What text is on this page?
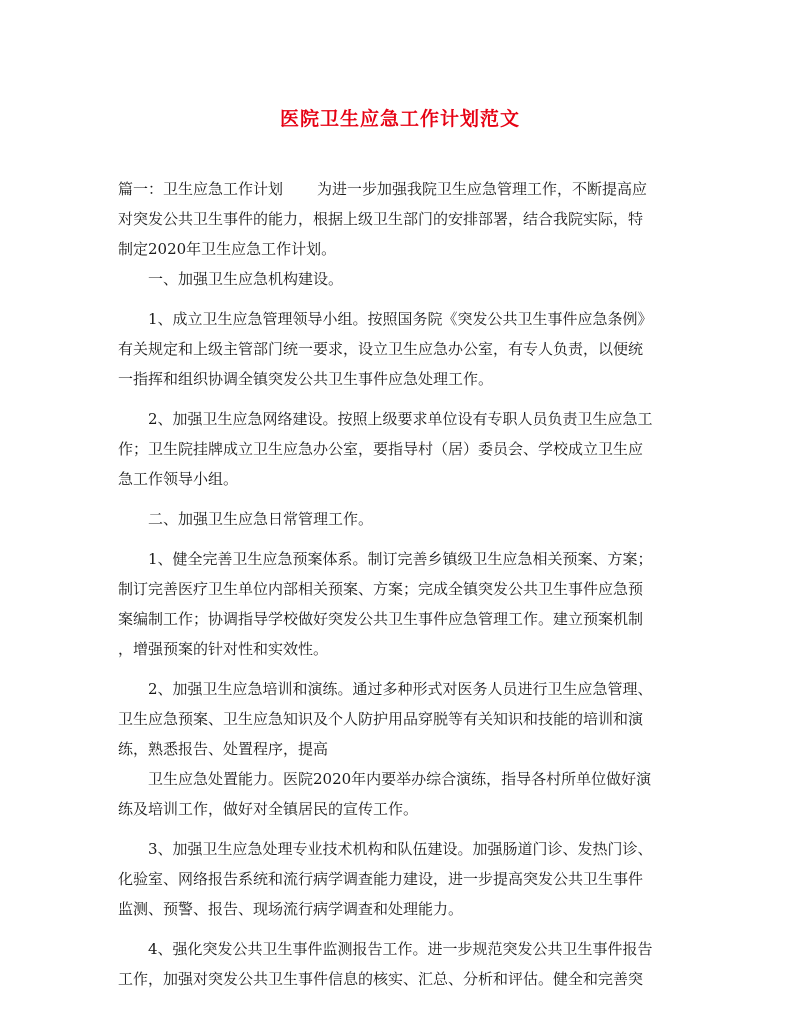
医院卫生应急工作计划范文

篇一：卫生应急工作计划 为进一步加强我院卫生应急管理工作，不断提高应
对突发公共卫生事件的能力，根据上级卫生部门的安排部署，结合我院实际，特
制定2020年卫生应急工作计划。

一、加强卫生应急机构建设。

1、成立卫生应急管理领导小组。按照国务院《突发公共卫生事件应急条例》
有关规定和上级主管部门统一要求，设立卫生应急办公室，有专人负责，以便统
一指挥和组织协调全镇突发公共卫生事件应急处理工作。

2、加强卫生应急网络建设。按照上级要求单位设有专职人员负责卫生应急工
作；卫生院挂牌成立卫生应急办公室，要指导村（居）委员会、学校成立卫生应
急工作领导小组。

二、加强卫生应急日常管理工作。

1、健全完善卫生应急预案体系。制订完善乡镇级卫生应急相关预案、方案；
制订完善医疗卫生单位内部相关预案、方案；完成全镇突发公共卫生事件应急预
案编制工作；协调指导学校做好突发公共卫生事件应急管理工作。建立预案机制
，增强预案的针对性和实效性。

2、加强卫生应急培训和演练。通过多种形式对医务人员进行卫生应急管理、
卫生应急预案、卫生应急知识及个人防护用品穿脱等有关知识和技能的培训和演
练，熟悉报告、处置程序，提高

卫生应急处置能力。医院2020年内要举办综合演练，指导各村所单位做好演
练及培训工作，做好对全镇居民的宣传工作。

3、加强卫生应急处理专业技术机构和队伍建设。加强肠道门诊、发热门诊、
化验室、网络报告系统和流行病学调查能力建设，进一步提高突发公共卫生事件
监测、预警、报告、现场流行病学调查和处理能力。

4、强化突发公共卫生事件监测报告工作。进一步规范突发公共卫生事件报告
工作，加强对突发公共卫生事件信息的核实、汇总、分析和评估。健全和完善突
